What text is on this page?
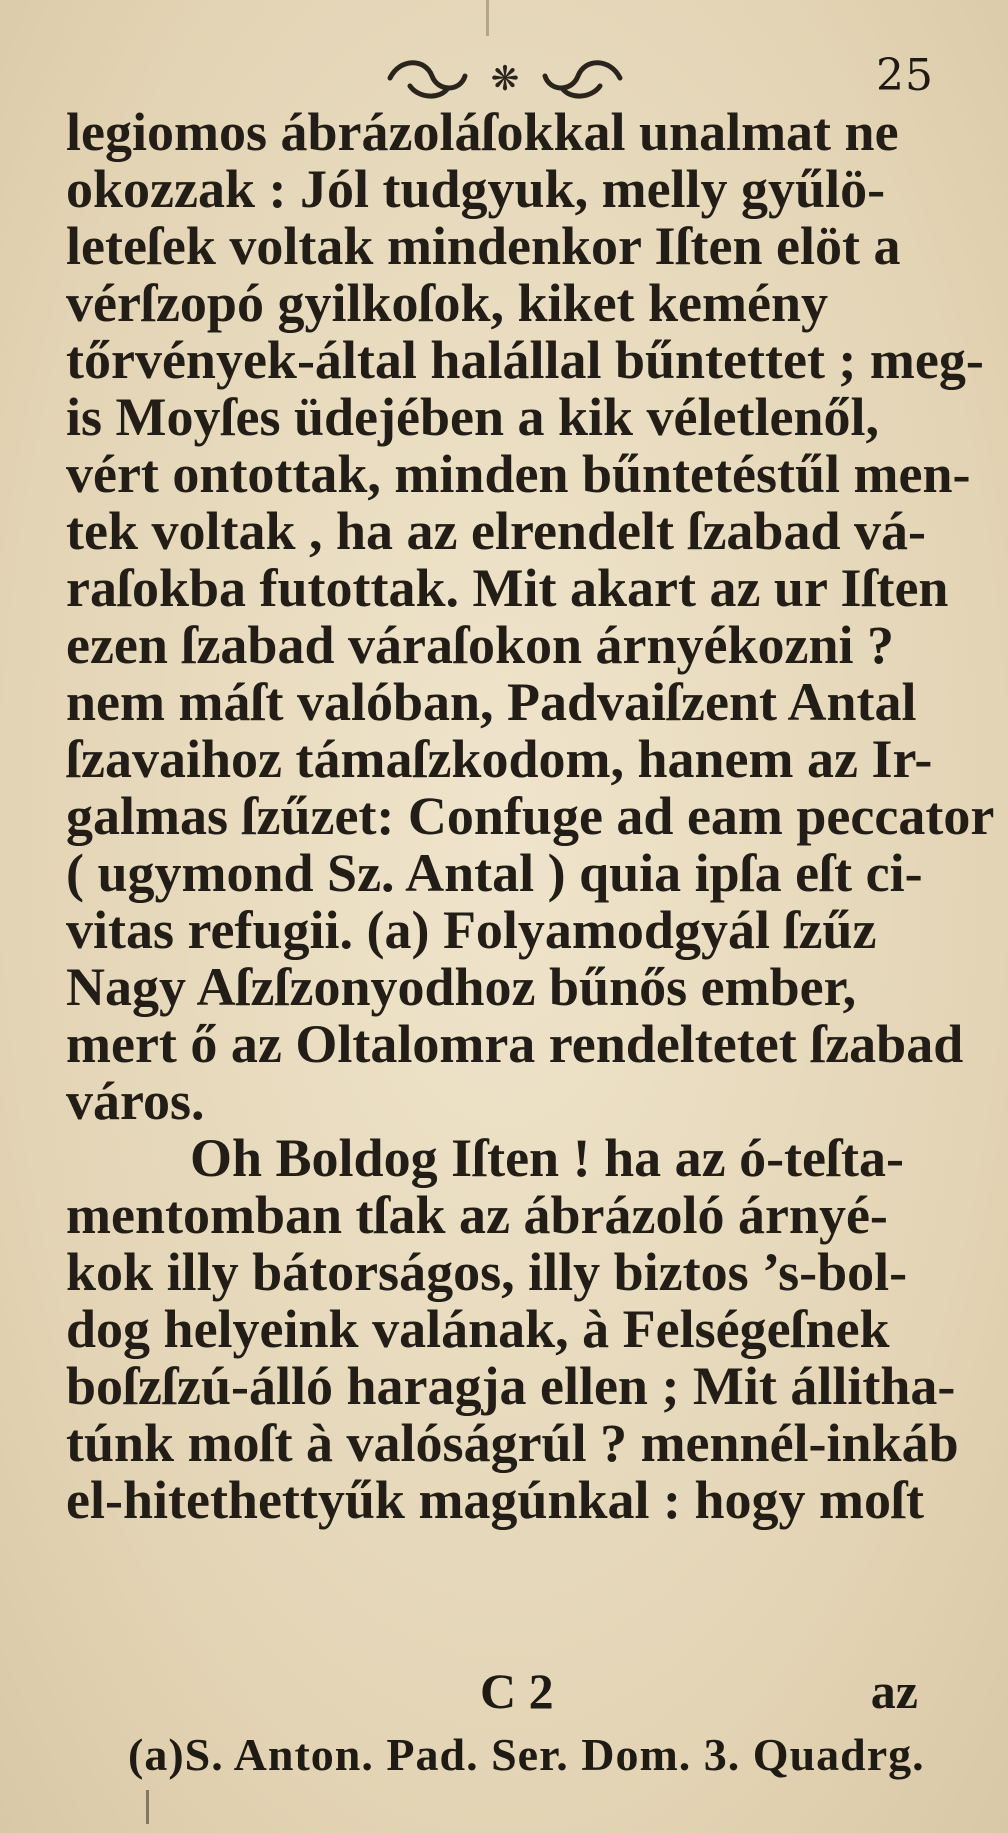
❋	25
legiomos ábrázoláſokkal unalmat ne
okozzak : Jól tudgyuk, melly gyűlö-
leteſek voltak mindenkor Iſten elöt a
vérſzopó gyilkoſok, kiket kemény
tőrvények-által halállal bűntettet ; meg-
is Moyſes üdejében a kik véletlenől,
vért ontottak, minden bűntetéstűl men-
tek voltak , ha az elrendelt ſzabad vá-
raſokba futottak. Mit akart az ur Iſten
ezen ſzabad váraſokon árnyékozni ?
nem máſt valóban, Padvaiſzent Antal
ſzavaihoz támaſzkodom, hanem az Ir-
galmas ſzűzet: Confuge ad eam peccator
( ugymond Sz. Antal ) quia ipſa eſt ci-
vitas refugii. (a) Folyamodgyál ſzűz
Nagy Aſzſzonyodhoz bűnős ember,
mert ő az Oltalomra rendeltetet ſzabad
város.
Oh Boldog Iſten ! ha az ó-teſta-
mentomban tſak az ábrázoló árnyé-
kok illy bátorságos, illy biztos ’s-bol-
dog helyeink valának, à Felségeſnek
boſzſzú-álló haragja ellen ; Mit állitha-
túnk moſt à valóságrúl ? mennél-inkáb
el-hitethettyűk magúnkal : hogy moſt
C 2	az
(a)S. Anton. Pad. Ser. Dom. 3. Quadrg.
